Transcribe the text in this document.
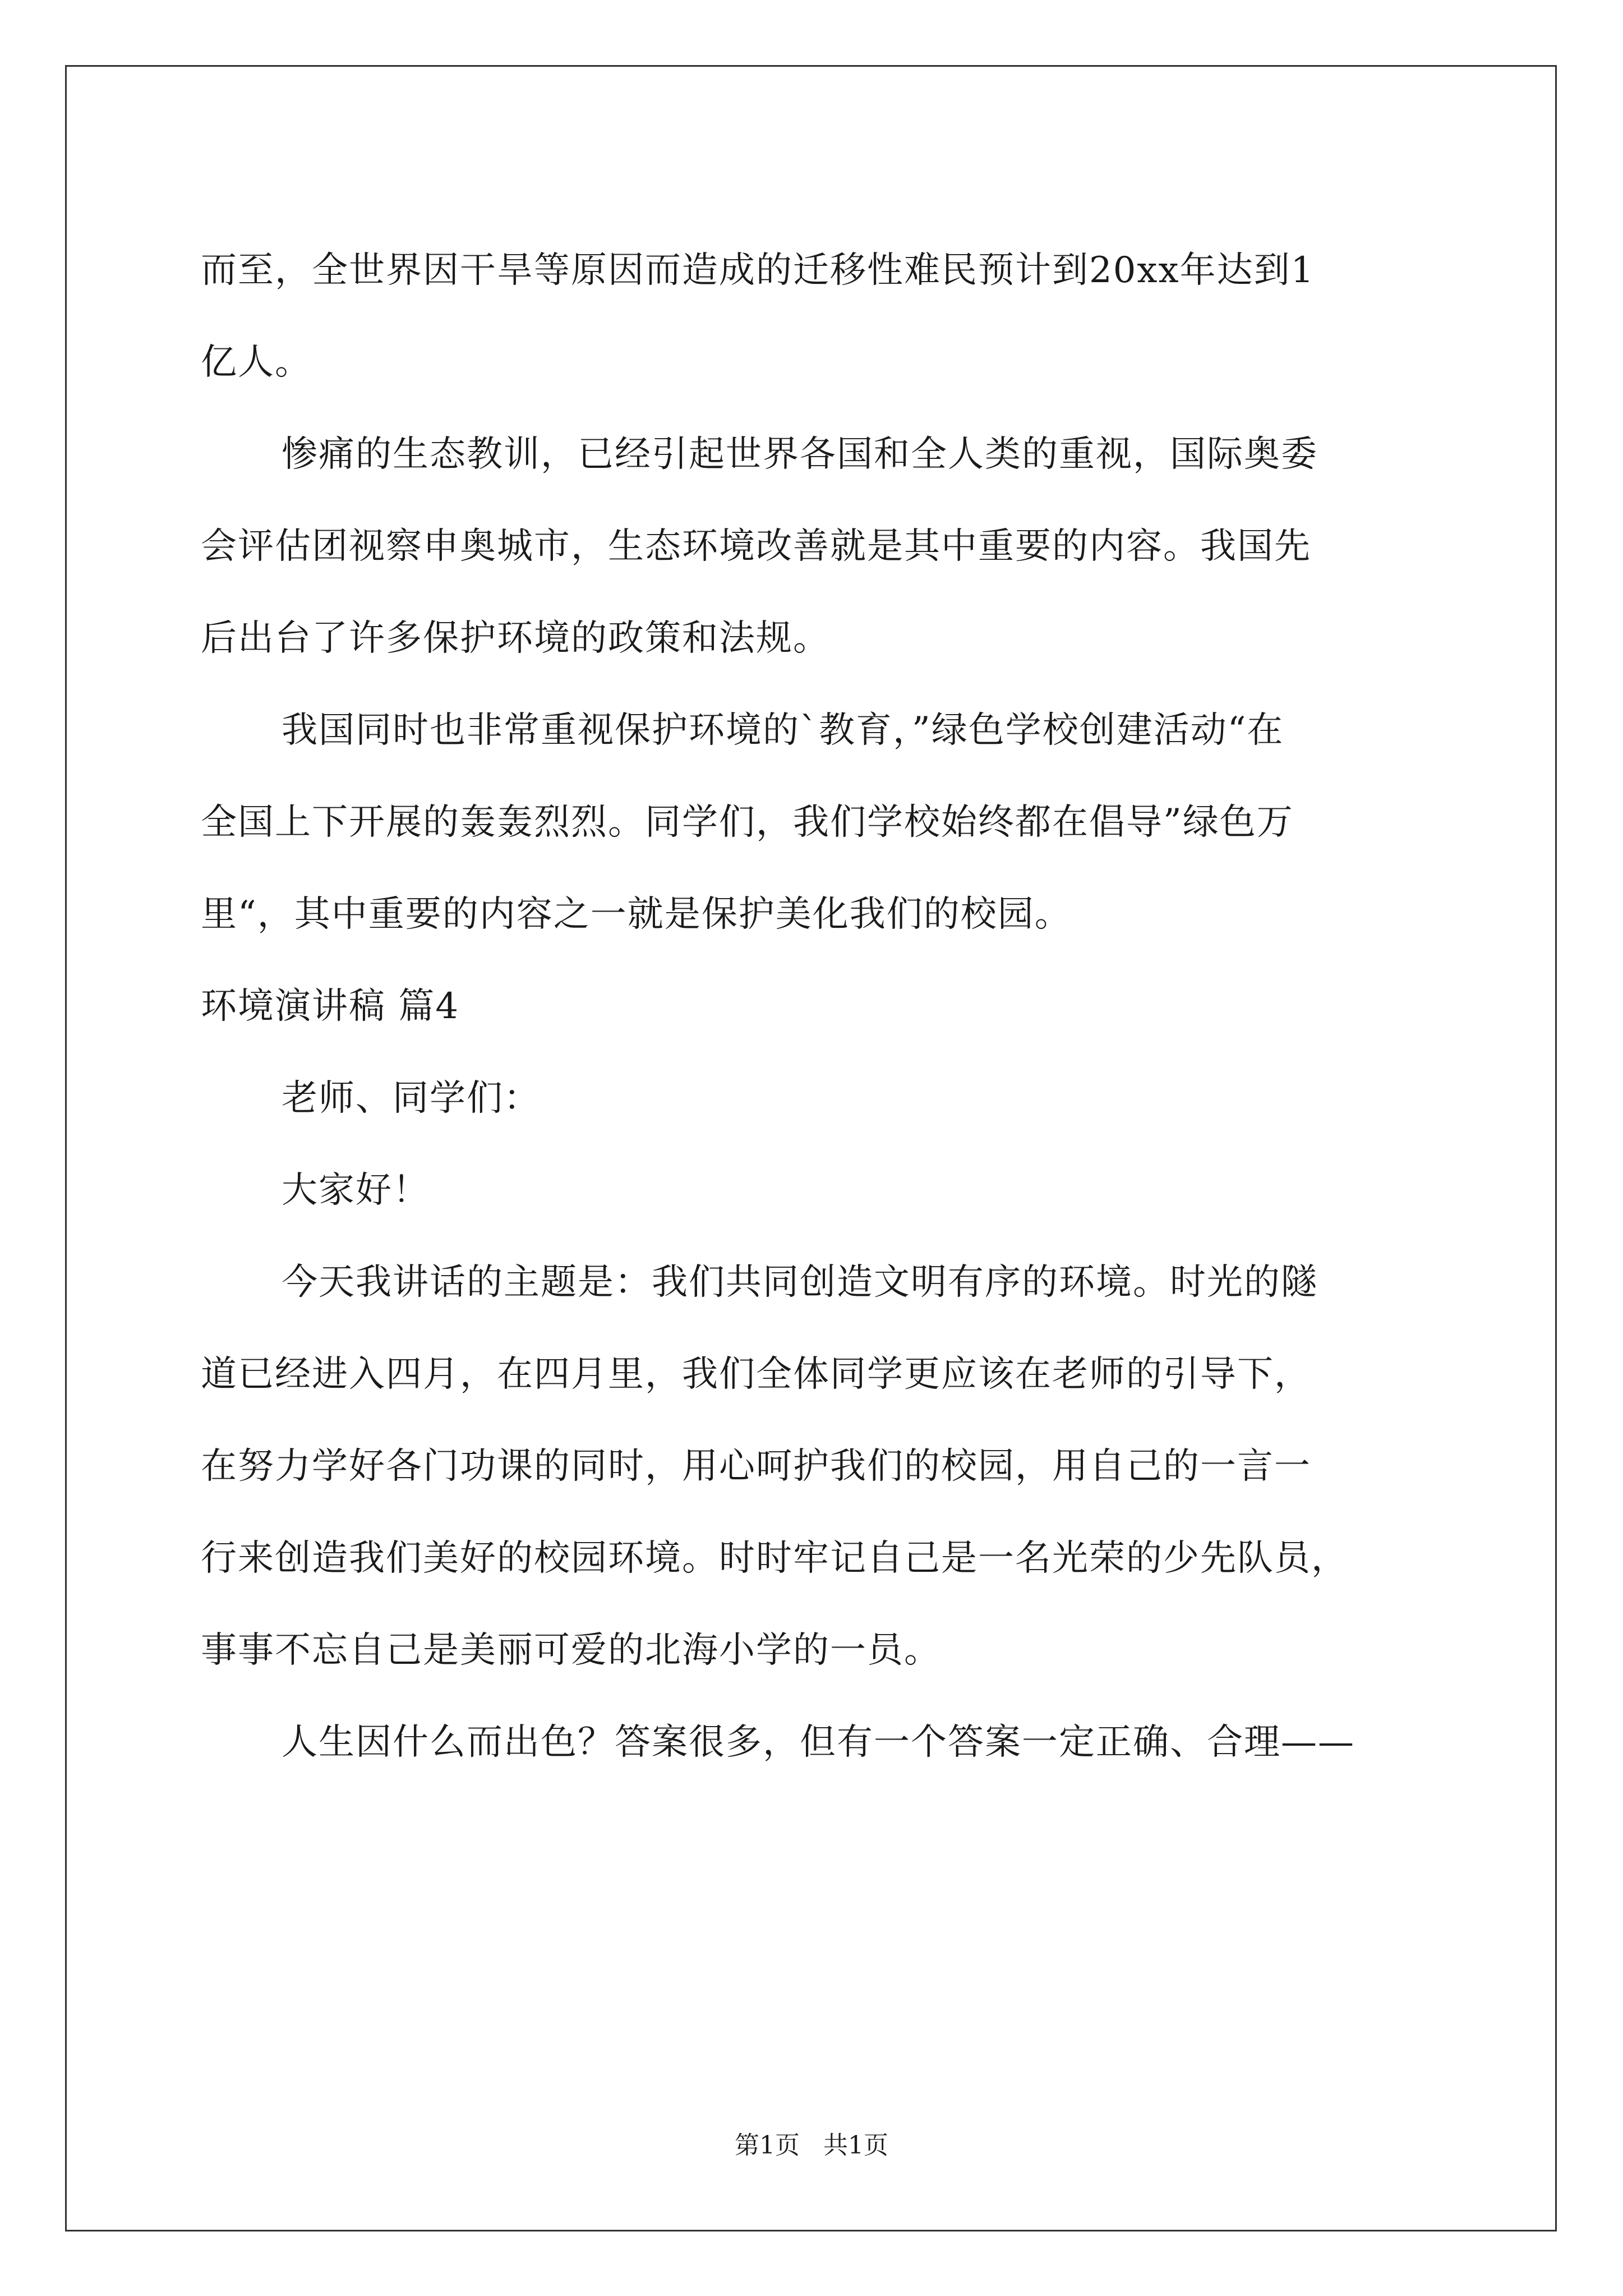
而至，全世界因干旱等原因而造成的迁移性难民预计到20xx年达到1
亿人。
惨痛的生态教训，已经引起世界各国和全人类的重视，国际奥委
会评估团视察申奥城市，生态环境改善就是其中重要的内容。我国先
后出台了许多保护环境的政策和法规。
我国同时也非常重视保护环境的`教育，”绿色学校创建活动“在
全国上下开展的轰轰烈烈。同学们，我们学校始终都在倡导”绿色万
里“，其中重要的内容之一就是保护美化我们的校园。
环境演讲稿 篇4
老师、同学们：
大家好！
今天我讲话的主题是：我们共同创造文明有序的环境。时光的隧
道已经进入四月，在四月里，我们全体同学更应该在老师的引导下，
在努力学好各门功课的同时，用心呵护我们的校园，用自己的一言一
行来创造我们美好的校园环境。时时牢记自己是一名光荣的少先队员，
事事不忘自己是美丽可爱的北海小学的一员。
人生因什么而出色？答案很多，但有一个答案一定正确、合理——
第1页   共1页
